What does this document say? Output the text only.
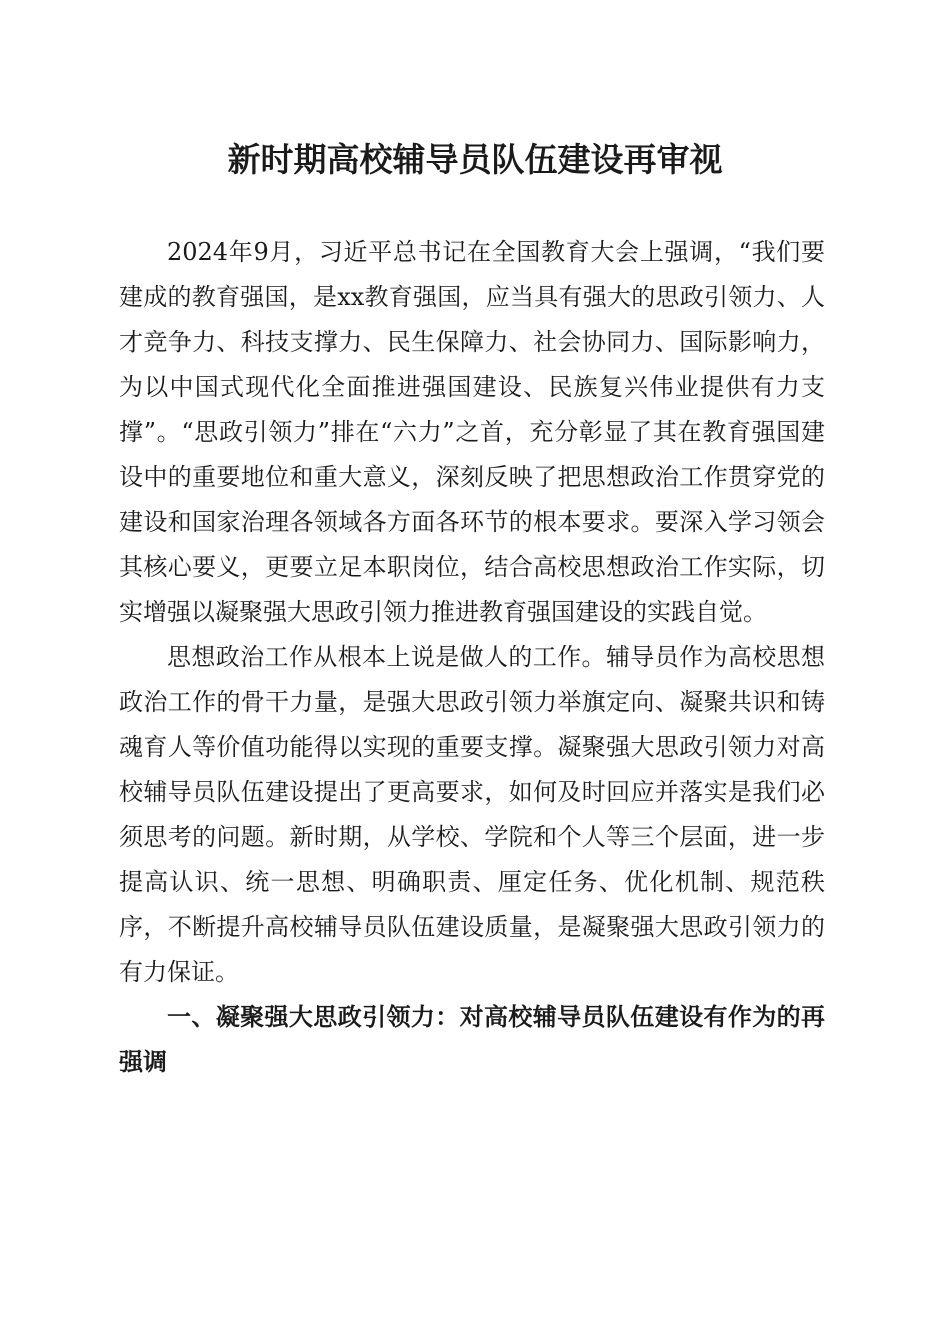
新时期高校辅导员队伍建设再审视

2024年9月，习近平总书记在全国教育大会上强调，“我们要建成的教育强国，是xx教育强国，应当具有强大的思政引领力、人才竞争力、科技支撑力、民生保障力、社会协同力、国际影响力，为以中国式现代化全面推进强国建设、民族复兴伟业提供有力支撑”。“思政引领力”排在“六力”之首，充分彰显了其在教育强国建设中的重要地位和重大意义，深刻反映了把思想政治工作贯穿党的建设和国家治理各领域各方面各环节的根本要求。要深入学习领会其核心要义，更要立足本职岗位，结合高校思想政治工作实际，切实增强以凝聚强大思政引领力推进教育强国建设的实践自觉。

思想政治工作从根本上说是做人的工作。辅导员作为高校思想政治工作的骨干力量，是强大思政引领力举旗定向、凝聚共识和铸魂育人等价值功能得以实现的重要支撑。凝聚强大思政引领力对高校辅导员队伍建设提出了更高要求，如何及时回应并落实是我们必须思考的问题。新时期，从学校、学院和个人等三个层面，进一步提高认识、统一思想、明确职责、厘定任务、优化机制、规范秩序，不断提升高校辅导员队伍建设质量，是凝聚强大思政引领力的有力保证。

一、凝聚强大思政引领力：对高校辅导员队伍建设有作为的再强调
